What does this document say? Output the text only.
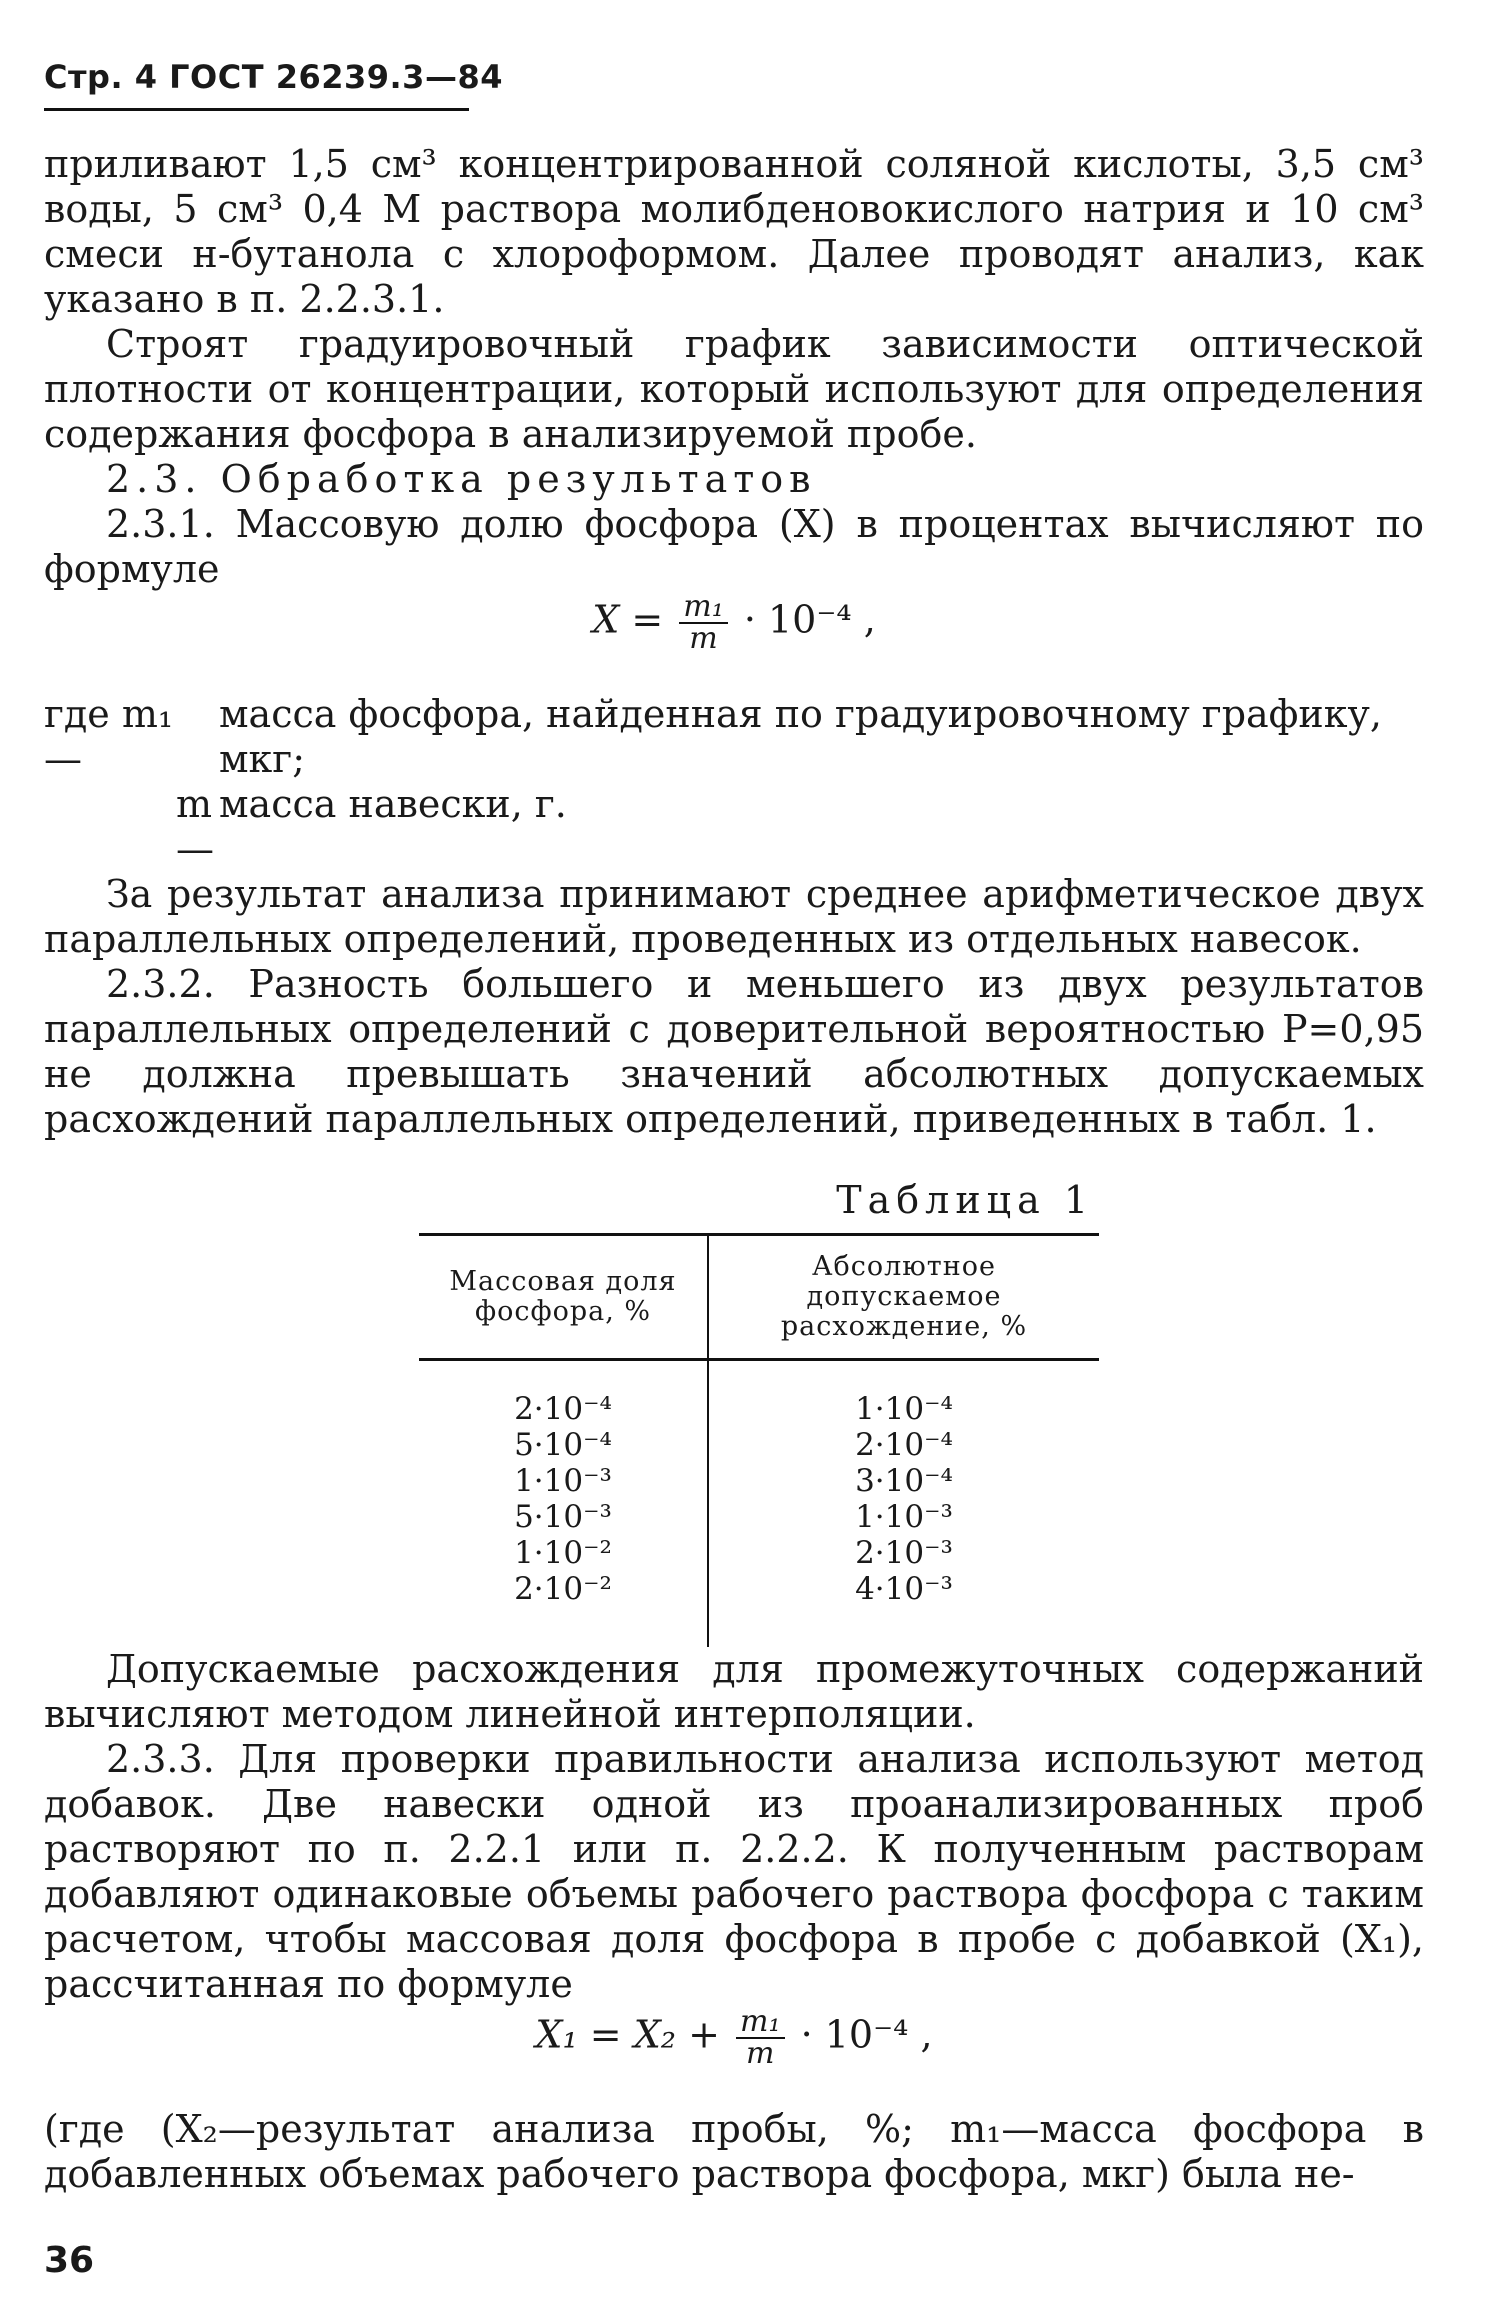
Стр. 4 ГОСТ 26239.3—84

приливают 1,5 см³ концентрированной соляной кислоты, 3,5 см³ воды, 5 см³ 0,4 М раствора молибденовокислого натрия и 10 см³ смеси н-бутанола с хлороформом. Далее проводят анализ, как указано в п. 2.2.3.1.

Строят градуировочный график зависимости оптической плотности от концентрации, который используют для определения содержания фосфора в анализируемой пробе.

2.3. Обработка результатов

2.3.1. Массовую долю фосфора (X) в процентах вычисляют по формуле

$X = \frac{\text{m₁}}{m} \cdot 10^{-4}$ ,
где m₁ —
масса фосфора, найденная по градуировочному графику, мкг;
m —
масса навески, г.

За результат анализа принимают среднее арифметическое двух параллельных определений, проведенных из отдельных навесок.

2.3.2. Разность большего и меньшего из двух результатов параллельных определений с доверительной вероятностью P=0,95 не должна превышать значений абсолютных допускаемых расхождений параллельных определений, приведенных в табл. 1.

Таблица 1
Массовая доля фосфора, %	Абсолютное допускаемое расхождение, %

2·10⁻⁴	1·10⁻⁴
5·10⁻⁴	2·10⁻⁴
1·10⁻³	3·10⁻⁴
5·10⁻³	1·10⁻³
1·10⁻²	2·10⁻³
2·10⁻²	4·10⁻³

Допускаемые расхождения для промежуточных содержаний вычисляют методом линейной интерполяции.

2.3.3. Для проверки правильности анализа используют метод добавок. Две навески одной из проанализированных проб растворяют по п. 2.2.1 или п. 2.2.2. К полученным растворам добавляют одинаковые объемы рабочего раствора фосфора с таким расчетом, чтобы массовая доля фосфора в пробе с добавкой (X₁), рассчитанная по формуле

$X_1 = X_2 + \frac{\text{m₁}}{m} \cdot 10^{-4}$ ,

(где (X₂—результат анализа пробы, %; m₁—масса фосфора в добавленных объемах рабочего раствора фосфора, мкг) была не-

36
